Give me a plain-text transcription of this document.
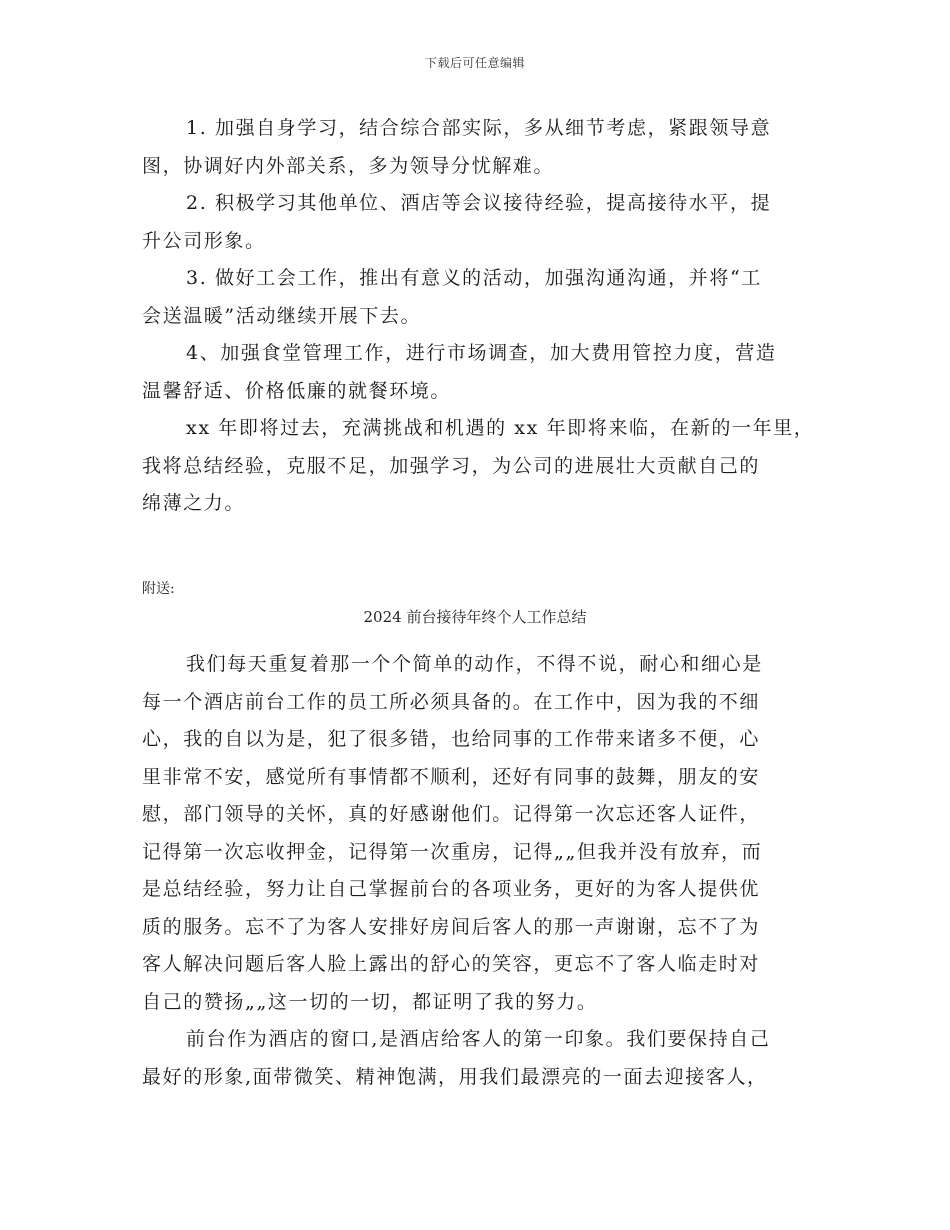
下载后可任意编辑

1. 加强自身学习，结合综合部实际，多从细节考虑，紧跟领导意
图，协调好内外部关系，多为领导分忧解难。

2. 积极学习其他单位、酒店等会议接待经验，提高接待水平，提
升公司形象。

3. 做好工会工作，推出有意义的活动，加强沟通沟通，并将“工
会送温暖”活动继续开展下去。

4、加强食堂管理工作，进行市场调查，加大费用管控力度，营造
温馨舒适、价格低廉的就餐环境。

xx 年即将过去，充满挑战和机遇的 xx 年即将来临，在新的一年里，
我将总结经验，克服不足，加强学习，为公司的进展壮大贡献自己的
绵薄之力。

附送:
2024 前台接待年终个人工作总结

我们每天重复着那一个个简单的动作，不得不说，耐心和细心是
每一个酒店前台工作的员工所必须具备的。在工作中，因为我的不细
心，我的自以为是，犯了很多错，也给同事的工作带来诸多不便，心
里非常不安，感觉所有事情都不顺利，还好有同事的鼓舞，朋友的安
慰，部门领导的关怀，真的好感谢他们。记得第一次忘还客人证件，
记得第一次忘收押金，记得第一次重房，记得„„但我并没有放弃，而
是总结经验，努力让自己掌握前台的各项业务，更好的为客人提供优
质的服务。忘不了为客人安排好房间后客人的那一声谢谢，忘不了为
客人解决问题后客人脸上露出的舒心的笑容，更忘不了客人临走时对
自己的赞扬„„这一切的一切，都证明了我的努力。

前台作为酒店的窗口,是酒店给客人的第一印象。我们要保持自己
最好的形象,面带微笑、精神饱满，用我们最漂亮的一面去迎接客人，
